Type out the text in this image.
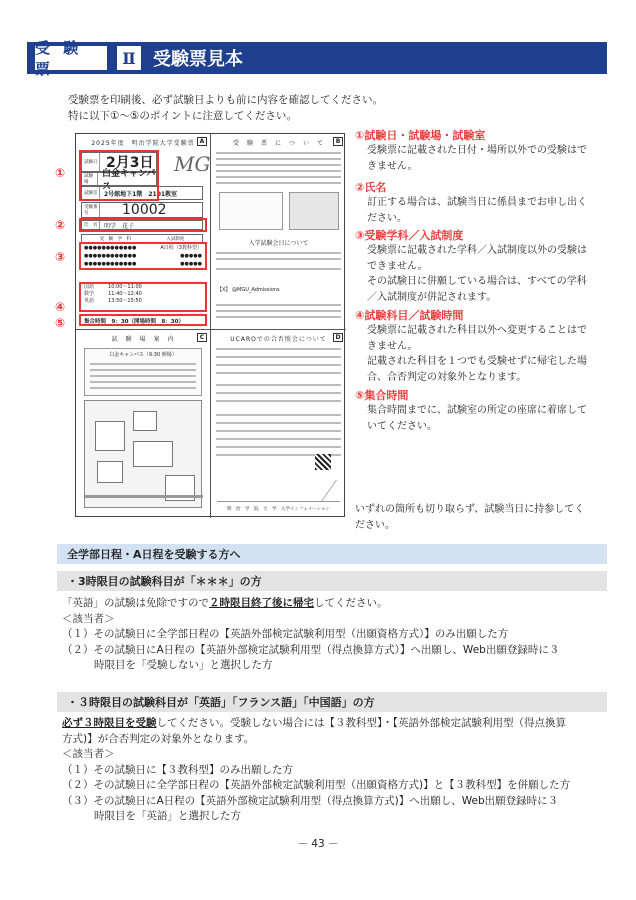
受 験 票
Ⅱ 受験票見本
受験票を印刷後、必ず試験日よりも前に内容を確認してください。
特に以下①～⑤のポイントに注意してください。
①
②
③
④
⑤
2025年度　明治学院大学受験票 A
MG
試験日 2月3日
試験場
白金キャンパス
試験室	2号館地下1階　2101教室
受験番号	10002
氏　名	明学　花子
受　験　学　科	入試制度
●●●●●●●●●●●●	A日程（3教科型）
●●●●●●●●●●●●	●●●●●
●●●●●●●●●●●●	●●●●●
国語	10:00～11:00
数学	11:40～12:40
英語	13:50～15:50
集合時間　9：30（開場時間　8：30）
受　験　票　に　つ　い　て	B
入学試験会日について
【X】 @MGU_Admissions
試　験　場　案　内	C
白金キャンパス（9:30 開場）
UCAROでの合否照会について	D
明　治　学　院　大　学　入学インフォメーション
①試験日・試験場・試験室

受験票に記載された日付・場所以外での受験はできません。

②氏名

訂正する場合は、試験当日に係員までお申し出ください。

③受験学科／入試制度

受験票に記載された学科／入試制度以外の受験はできません。

その試験日に併願している場合は、すべての学科／入試制度が併記されます。

④試験科目／試験時間

受験票に記載された科目以外へ変更することはできません。

記載された科目を１つでも受験せずに帰宅した場合、合否判定の対象外となります。

⑤集合時間

集合時間までに、試験室の所定の座席に着席していてください。

いずれの箇所も切り取らず、試験当日に持参してください。
全学部日程・A日程を受験する方へ
・3時限目の試験科目が「＊＊＊」の方
「英語」の試験は免除ですので２時限目終了後に帰宅してください。
＜該当者＞
（１）その試験日に全学部日程の【英語外部検定試験利用型（出願資格方式）】のみ出願した方
（２）その試験日にA日程の【英語外部検定試験利用型（得点換算方式）】へ出願し、Web出願登録時に３
時限目を「受験しない」と選択した方
・３時限目の試験科目が「英語」「フランス語」「中国語」の方
必ず３時限目を受験してください。受験しない場合には【３教科型】・【英語外部検定試験利用型（得点換算
方式)】が合否判定の対象外となります。
＜該当者＞
（１）その試験日に【３教科型】のみ出願した方
（２）その試験日に全学部日程の【英語外部検定試験利用型（出願資格方式)】と【３教科型】を併願した方
（３）その試験日にA日程の【英語外部検定試験利用型（得点換算方式)】へ出願し、Web出願登録時に３
時限目を「英語」と選択した方
－ 43 －
